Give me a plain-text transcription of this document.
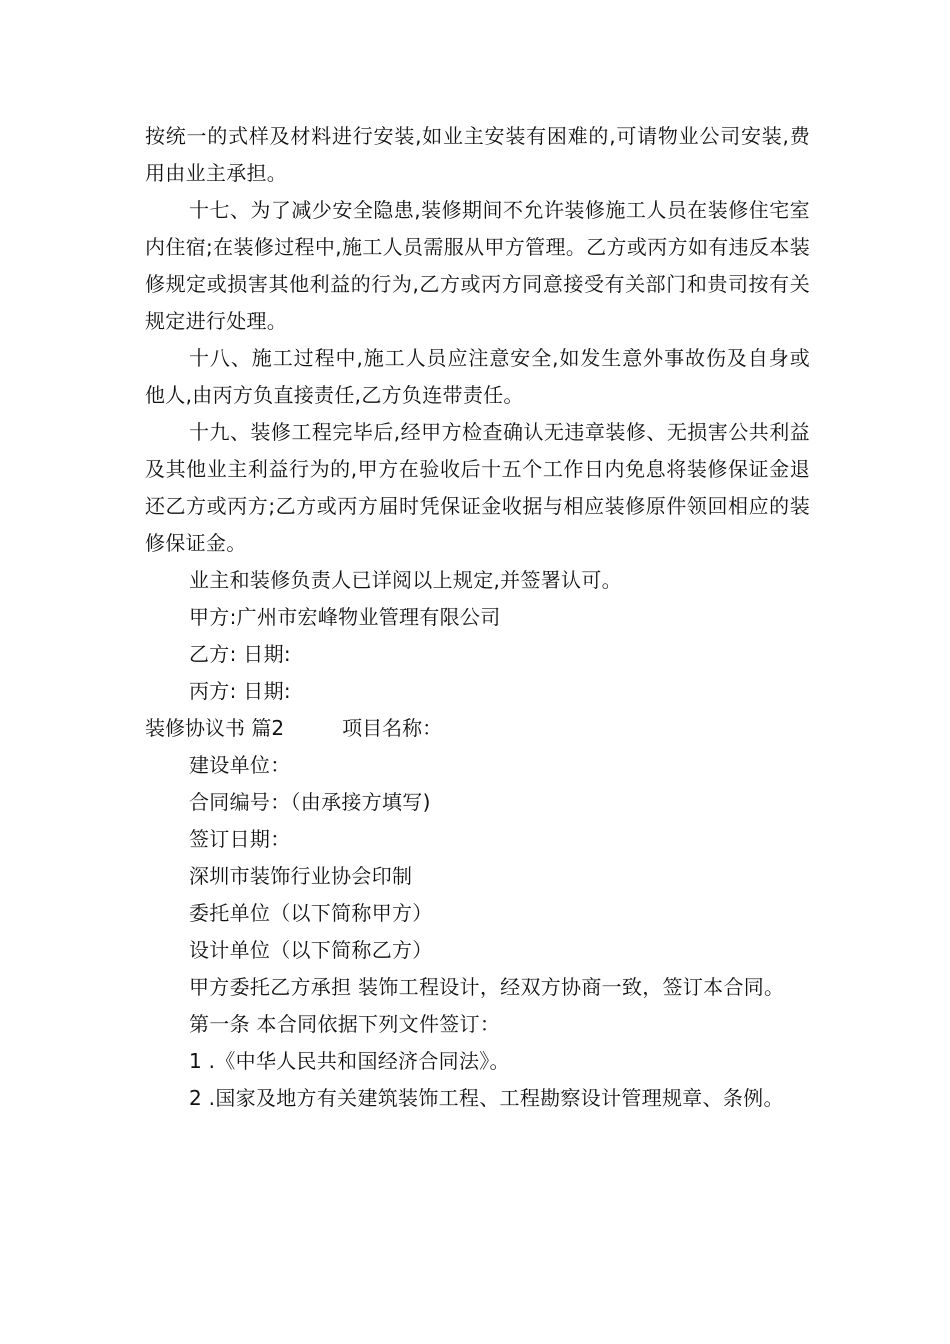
按统一的式样及材料进行安装,如业主安装有困难的,可请物业公司安装,费用由业主承担。

十七、为了减少安全隐患,装修期间不允许装修施工人员在装修住宅室内住宿;在装修过程中,施工人员需服从甲方管理。乙方或丙方如有违反本装修规定或损害其他利益的行为,乙方或丙方同意接受有关部门和贵司按有关规定进行处理。

十八、施工过程中,施工人员应注意安全,如发生意外事故伤及自身或他人,由丙方负直接责任,乙方负连带责任。

十九、装修工程完毕后,经甲方检查确认无违章装修、无损害公共利益及其他业主利益行为的,甲方在验收后十五个工作日内免息将装修保证金退还乙方或丙方;乙方或丙方届时凭保证金收据与相应装修原件领回相应的装修保证金。

业主和装修负责人已详阅以上规定,并签署认可。

甲方:广州市宏峰物业管理有限公司

乙方: 日期:

丙方: 日期:

装修协议书 篇2	项目名称：

建设单位：

合同编号：（由承接方填写)

签订日期：

深圳市装饰行业协会印制

委托单位（以下简称甲方）

设计单位（以下简称乙方）

甲方委托乙方承担 装饰工程设计，经双方协商一致，签订本合同。

第一条 本合同依据下列文件签订：

1 .《中华人民共和国经济合同法》。

2 .国家及地方有关建筑装饰工程、工程勘察设计管理规章、条例。
